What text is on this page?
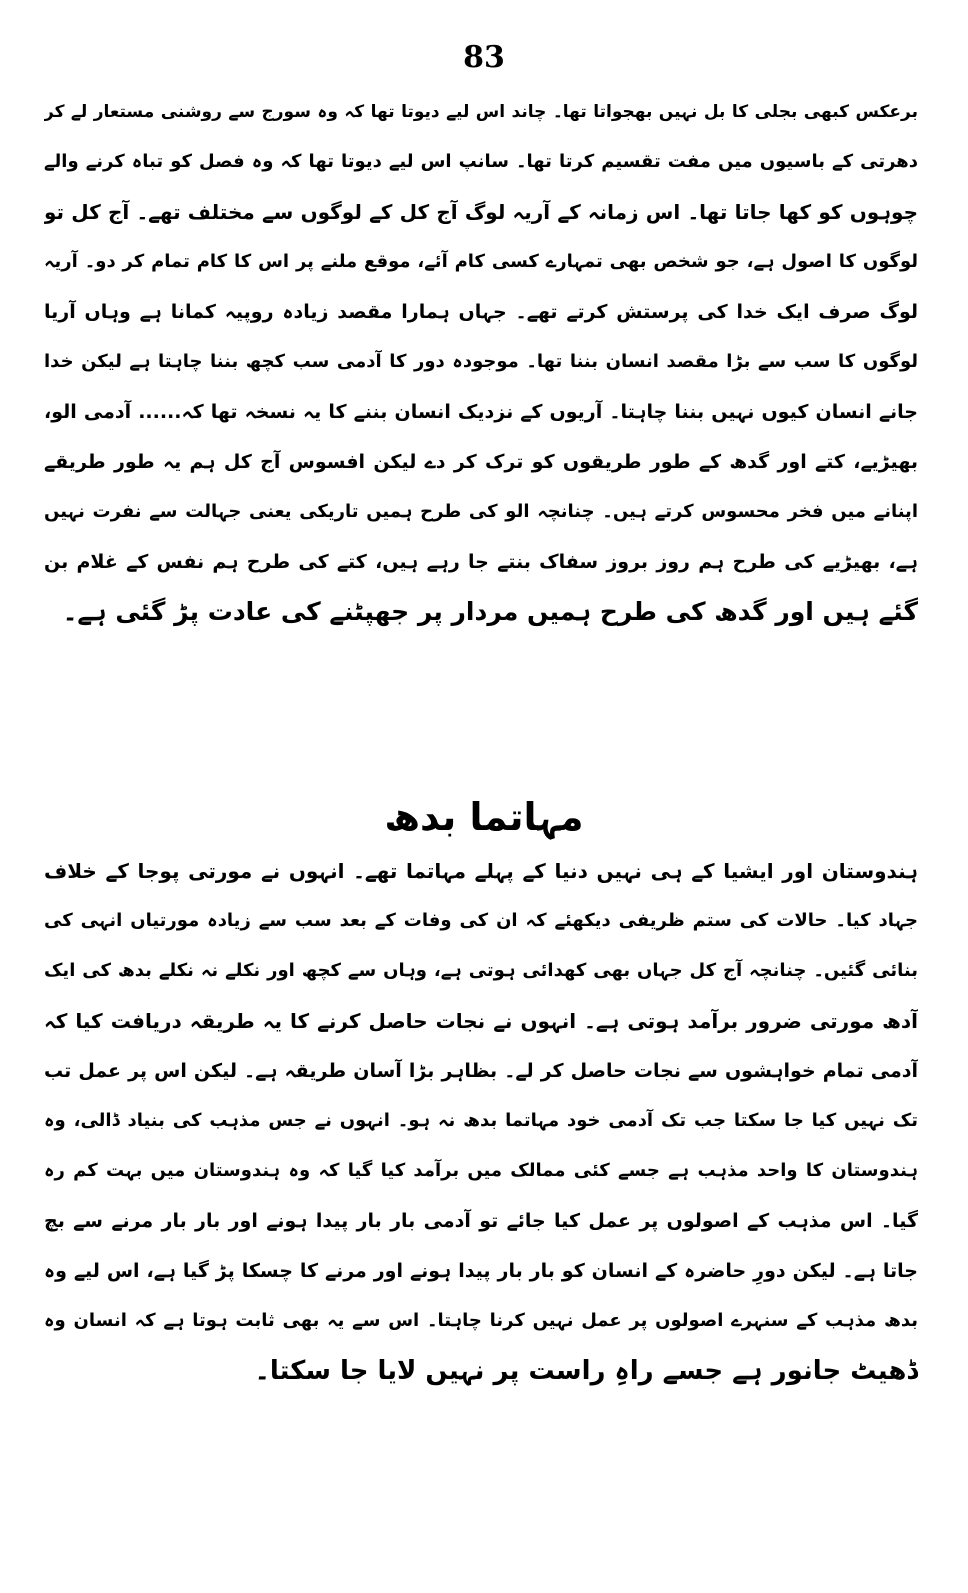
83
برعکس کبھی بجلی کا بل نہیں بھجواتا تھا۔ چاند اس لیے دیوتا تھا کہ وہ سورج سے روشنی مستعار لے کر
دھرتی کے باسیوں میں مفت تقسیم کرتا تھا۔ سانپ اس لیے دیوتا تھا کہ وہ فصل کو تباہ کرنے والے
چوہوں کو کھا جاتا تھا۔ اس زمانہ کے آریہ لوگ آج کل کے لوگوں سے مختلف تھے۔ آج کل تو
لوگوں کا اصول ہے، جو شخص بھی تمہارے کسی کام آئے، موقع ملنے پر اس کا کام تمام کر دو۔ آریہ
لوگ صرف ایک خدا کی پرستش کرتے تھے۔ جہاں ہمارا مقصد زیادہ روپیہ کمانا ہے وہاں آریا
لوگوں کا سب سے بڑا مقصد انسان بننا تھا۔ موجودہ دور کا آدمی سب کچھ بننا چاہتا ہے لیکن خدا
جانے انسان کیوں نہیں بننا چاہتا۔ آریوں کے نزدیک انسان بننے کا یہ نسخہ تھا کہ...... آدمی الو،
بھیڑیے، کتے اور گدھ کے طور طریقوں کو ترک کر دے لیکن افسوس آج کل ہم یہ طور طریقے
اپنانے میں فخر محسوس کرتے ہیں۔ چنانچہ الو کی طرح ہمیں تاریکی یعنی جہالت سے نفرت نہیں
ہے، بھیڑیے کی طرح ہم روز بروز سفاک بنتے جا رہے ہیں، کتے کی طرح ہم نفس کے غلام بن
گئے ہیں اور گدھ کی طرح ہمیں مردار پر جھپٹنے کی عادت پڑ گئی ہے۔
مہاتما بدھ
ہندوستان اور ایشیا کے ہی نہیں دنیا کے پہلے مہاتما تھے۔ انہوں نے مورتی پوجا کے خلاف
جہاد کیا۔ حالات کی ستم ظریفی دیکھئے کہ ان کی وفات کے بعد سب سے زیادہ مورتیاں انہی کی
بنائی گئیں۔ چنانچہ آج کل جہاں بھی کھدائی ہوتی ہے، وہاں سے کچھ اور نکلے نہ نکلے بدھ کی ایک
آدھ مورتی ضرور برآمد ہوتی ہے۔ انہوں نے نجات حاصل کرنے کا یہ طریقہ دریافت کیا کہ
آدمی تمام خواہشوں سے نجات حاصل کر لے۔ بظاہر بڑا آسان طریقہ ہے۔ لیکن اس پر عمل تب
تک نہیں کیا جا سکتا جب تک آدمی خود مہاتما بدھ نہ ہو۔ انہوں نے جس مذہب کی بنیاد ڈالی، وہ
ہندوستان کا واحد مذہب ہے جسے کئی ممالک میں برآمد کیا گیا کہ وہ ہندوستان میں بہت کم رہ
گیا۔ اس مذہب کے اصولوں پر عمل کیا جائے تو آدمی بار بار پیدا ہونے اور بار بار مرنے سے بچ
جاتا ہے۔ لیکن دورِ حاضرہ کے انسان کو بار بار پیدا ہونے اور مرنے کا چسکا پڑ گیا ہے، اس لیے وہ
بدھ مذہب کے سنہرے اصولوں پر عمل نہیں کرنا چاہتا۔ اس سے یہ بھی ثابت ہوتا ہے کہ انسان وہ
ڈھیٹ جانور ہے جسے راہِ راست پر نہیں لایا جا سکتا۔
